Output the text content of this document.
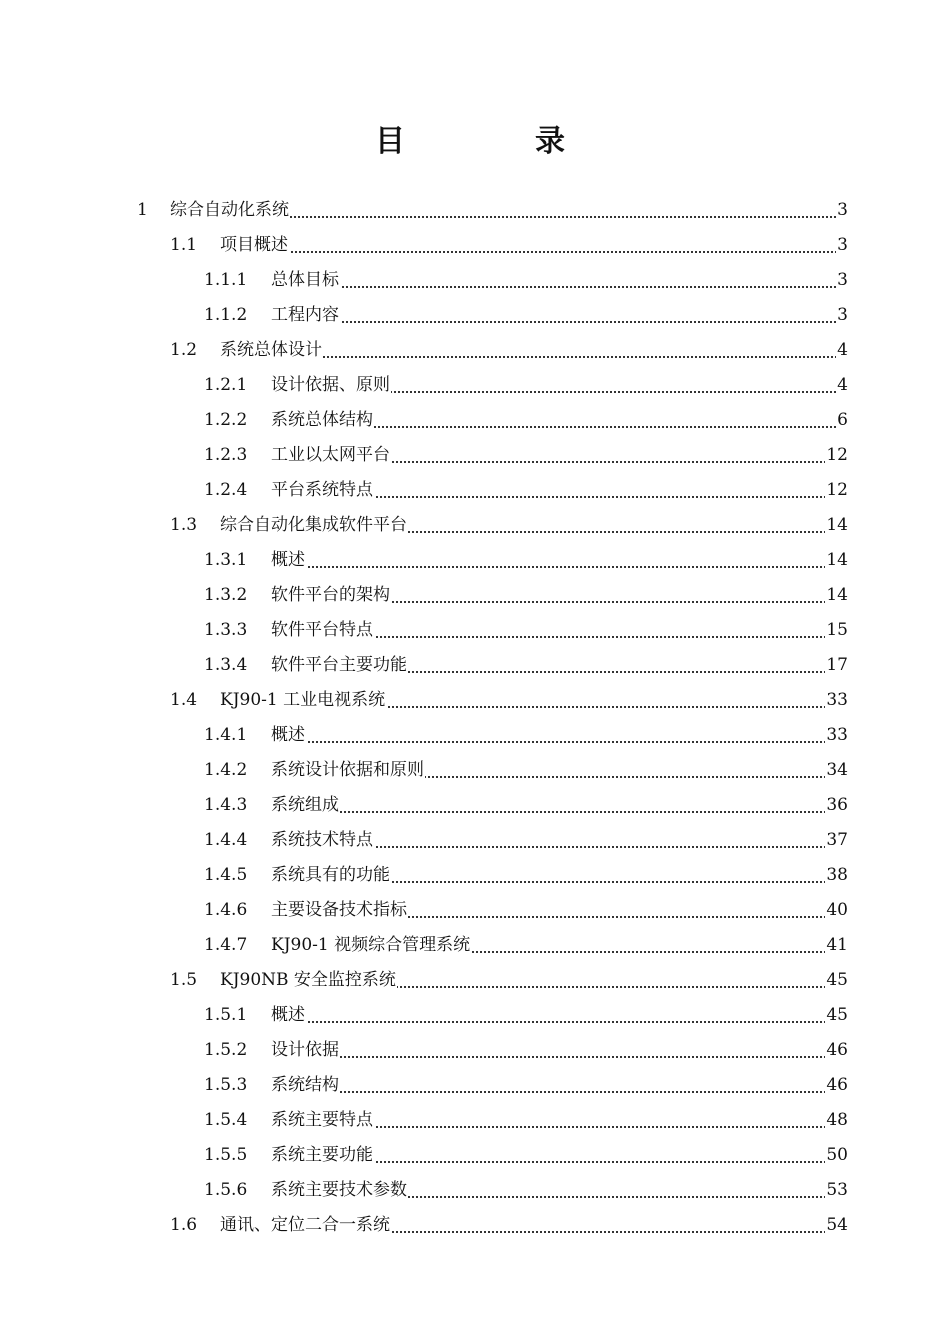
目　录
1 综合自动化系统	3
1.1 项目概述	3
1.1.1 总体目标	3
1.1.2 工程内容	3
1.2 系统总体设计	4
1.2.1 设计依据、原则	4
1.2.2 系统总体结构	6
1.2.3 工业以太网平台	12
1.2.4 平台系统特点	12
1.3 综合自动化集成软件平台	14
1.3.1 概述	14
1.3.2 软件平台的架构	14
1.3.3 软件平台特点	15
1.3.4 软件平台主要功能	17
1.4 KJ90-1 工业电视系统	33
1.4.1 概述	33
1.4.2 系统设计依据和原则	34
1.4.3 系统组成	36
1.4.4 系统技术特点	37
1.4.5 系统具有的功能	38
1.4.6 主要设备技术指标	40
1.4.7 KJ90-1 视频综合管理系统	41
1.5 KJ90NB 安全监控系统	45
1.5.1 概述	45
1.5.2 设计依据	46
1.5.3 系统结构	46
1.5.4 系统主要特点	48
1.5.5 系统主要功能	50
1.5.6 系统主要技术参数	53
1.6 通讯、定位二合一系统	54
